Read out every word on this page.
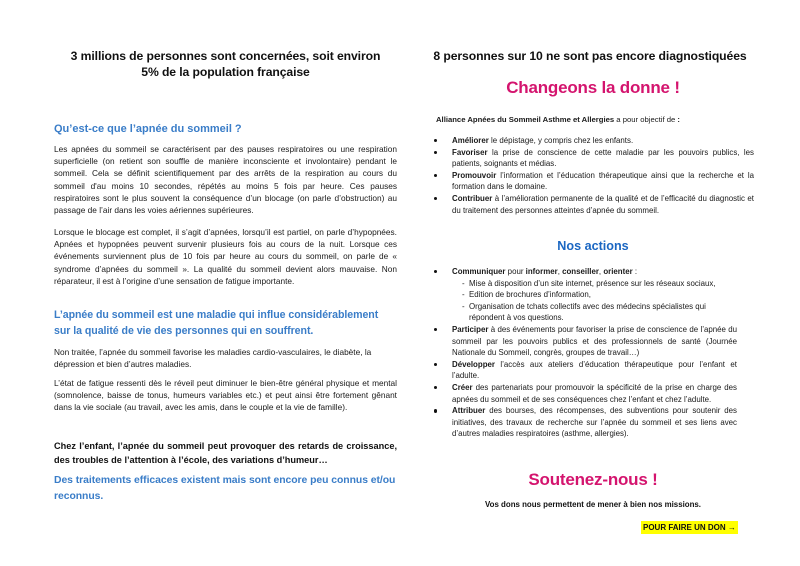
3 millions de personnes sont concernées, soit environ
5% de la population française
Qu’est-ce que l’apnée du sommeil ?
Les apnées du sommeil se caractérisent par des pauses respiratoires ou une respiration superficielle (on retient son souffle de manière inconsciente et involontaire) pendant le sommeil. Cela se définit scientifiquement par des arrêts de la respiration au cours du sommeil d'au moins 10 secondes, répétés au moins 5 fois par heure. Ces pauses respiratoires sont le plus souvent la conséquence d’un blocage (on parle d’obstruction) au passage de l’air dans les voies aériennes supérieures.
Lorsque le blocage est complet, il s’agit d’apnées, lorsqu’il est partiel, on parle d’hypopnées. Apnées et hypopnées peuvent survenir plusieurs fois au cours de la nuit. Lorsque ces événements surviennent plus de 10 fois par heure au cours du sommeil, on parle de « syndrome d’apnées du sommeil ». La qualité du sommeil devient alors mauvaise. Non réparateur, il est à l’origine d’une sensation de fatigue importante.
L’apnée du sommeil est une maladie qui influe considérablement sur la qualité de vie des personnes qui en souffrent.
Non traitée, l’apnée du sommeil favorise les maladies cardio-vasculaires, le diabète, la dépression et bien d’autres maladies.
L’état de fatigue ressenti dès le réveil peut diminuer le bien-être général physique et mental (somnolence, baisse de tonus, humeurs variables etc.) et peut ainsi être fortement gênant dans la vie sociale (au travail, avec les amis, dans le couple et la vie de famille).
Chez l’enfant, l’apnée du sommeil peut provoquer des retards de croissance, des troubles de l’attention à l’école, des variations d’humeur…
Des traitements efficaces existent mais sont encore peu connus et/ou reconnus.
8 personnes sur 10 ne sont pas encore diagnostiquées
Changeons la donne !
Alliance Apnées du Sommeil Asthme et Allergies a pour objectif de :
Améliorer le dépistage, y compris chez les enfants.
Favoriser la prise de conscience de cette maladie par les pouvoirs publics, les patients, soignants et médias.
Promouvoir l’information et l’éducation thérapeutique ainsi que la recherche et la formation dans le domaine.
Contribuer à l’amélioration permanente de la qualité et de l’efficacité du diagnostic et du traitement des personnes atteintes d’apnée du sommeil.
Nos actions
Communiquer pour informer, conseiller, orienter :
- Mise à disposition d’un site internet, présence sur les réseaux sociaux,
- Edition de brochures d’information,
- Organisation de tchats collectifs avec des médecins spécialistes qui répondent à vos questions.
Participer à des événements pour favoriser la prise de conscience de l’apnée du sommeil par les pouvoirs publics et des professionnels de santé (Journée Nationale du Sommeil, congrès, groupes de travail…)
Développer l’accès aux ateliers d’éducation thérapeutique pour l’enfant et l’adulte.
Créer des partenariats pour promouvoir la spécificité de la prise en charge des apnées du sommeil et de ses conséquences chez l’enfant et chez l’adulte.
Attribuer des bourses, des récompenses, des subventions pour soutenir des initiatives, des travaux de recherche sur l’apnée du sommeil et ses liens avec d’autres maladies respiratoires (asthme, allergies).
Soutenez-nous !
Vos dons nous permettent de mener à bien nos missions.
POUR FAIRE UN DON →
